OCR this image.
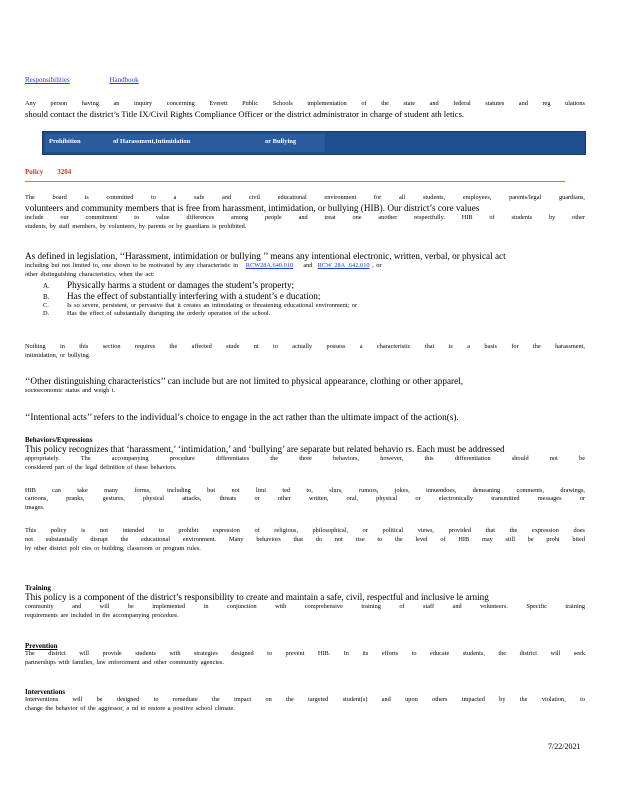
Responsibilities	Handbook
Any person having an inquiry concerning Everett Public Schools implementation of the state and federal statutes and reg ulations
should contact the district’s Title IX/Civil Rights Compliance Officer or the district administrator in charge of student ath letics.
Prohibition	of Harassment,Intimidation	or Bullying
Policy 3204
The board is committed to a safe and civil educational environment for all students, employees, parents/legal guardians,
volunteers and community members that is free from harassment, intimidation, or bullying (HIB). Our district’s core values
include our commitment to value differences among people and treat one another respectfully. HIB of students by other
students, by staff members, by volunteers, by parents or by guardians is prohibited.
As defined in legislation, ‘‘Harassment, intimidation or bullying ’’ means any intentional electronic, written, verbal, or physical act
including but not limited to, one shown to be motivated by any characteristic in RCW28A.640.010 and RCW 28A .642.010 , or
other distinguishing characteristics, when the act:
A. Physically harms a student or damages the student’s property;
B. Has the effect of substantially interfering with a student’s e ducation;
C.	Is so severe, persistent, or pervasive that it creates an intimidating or threatening educational environment; or
D.	Has the effect of substantially disrupting the orderly operation of the school.
Nothing in this section requires the affected stude nt to actually possess a characteristic that is a basis for the harassment,
intimidation, or bullying.
‘‘Other distinguishing characteristics’’ can include but are not limited to physical appearance, clothing or other apparel,
socioeconomic status and weigh t.
‘‘Intentional acts’’ refers to the individual’s choice to engage in the act rather than the ultimate impact of the action(s).
Behaviors/Expressions
This policy recognizes that ‘harassment,’ ‘intimidation,’ and ‘bullying’ are separate but related behavio rs. Each must be addressed
appropriately. The accompanying procedure differentiates the three behaviors, however, this differentiation should not be
considered part of the legal definition of these behaviors.
HIB can take many forms, including but not limi ted to, slurs, rumors, jokes, innuendoes, demeaning comments, drawings,
cartoons, pranks, gestures, physical attacks, threats or other written, oral, physical or electronically transmitted messages or
images.
This policy is not intended to prohibit expression of religious, philosophical, or political views, provided that the expression does
not substantially disrupt the educational environment. Many behaviors that do not rise to the level of HIB may still be prohi bited
by other district poli cies or building, classroom or program rules.
Training
This policy is a component of the district’s responsibility to create and maintain a safe, civil, respectful and inclusive le arning
community and will be implemented in conjunction with comprehensive training of staff and volunteers. Specific training
requirements are included in the accompanying procedure.
Prevention
The district will provide students with strategies designed to prevent HIB. In its efforts to educate students, the district will seek
partnerships with families, law enforcement and other community agencies.
Interventions
Interventions will be designed to remediate the impact on the targeted student(s) and upon others impacted by the violation, to
change the behavior of the aggressor, a nd to restore a positive school climate.
7/22/2021
